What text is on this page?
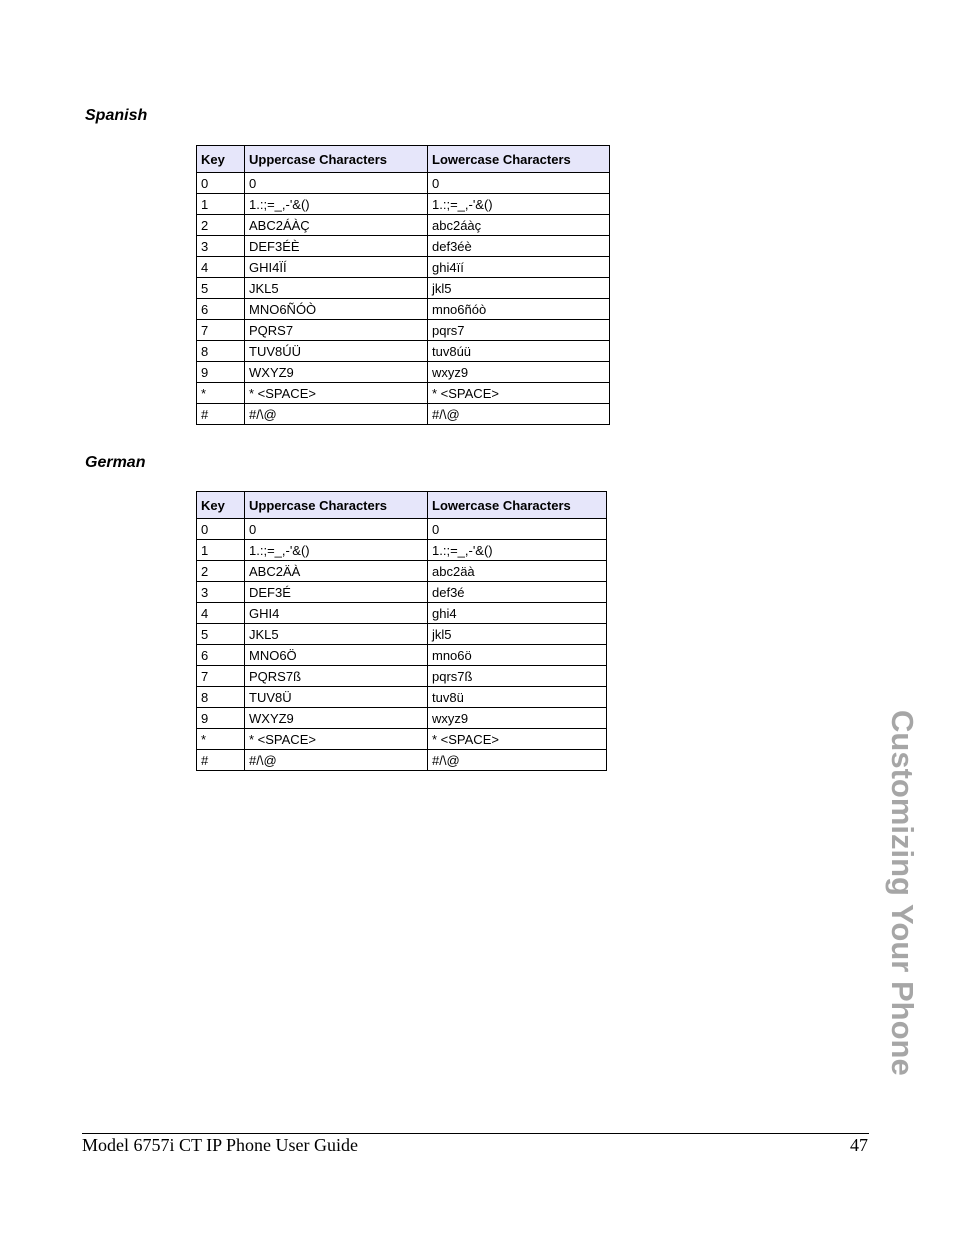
Spanish
Key	Uppercase Characters	Lowercase Characters
0	0	0
1	1.:;=_,-'&()	1.:;=_,-'&()
2	ABC2ÁÀÇ	abc2áàç
3	DEF3ÉÈ	def3éè
4	GHI4ÏÍ	ghi4ïí
5	JKL5	jkl5
6	MNO6ÑÓÒ	mno6ñóò
7	PQRS7	pqrs7
8	TUV8ÚÜ	tuv8úü
9	WXYZ9	wxyz9
*	* <SPACE>	* <SPACE>
#	#/\@	#/\@
German
Key	Uppercase Characters	Lowercase Characters
0	0	0
1	1.:;=_,-'&()	1.:;=_,-'&()
2	ABC2ÄÀ	abc2äà
3	DEF3É	def3é
4	GHI4	ghi4
5	JKL5	jkl5
6	MNO6Ö	mno6ö
7	PQRS7ß	pqrs7ß
8	TUV8Ü	tuv8ü
9	WXYZ9	wxyz9
*	* <SPACE>	* <SPACE>
#	#/\@	#/\@	Customizing Your Phone
Model 6757i CT IP Phone User Guide	47
